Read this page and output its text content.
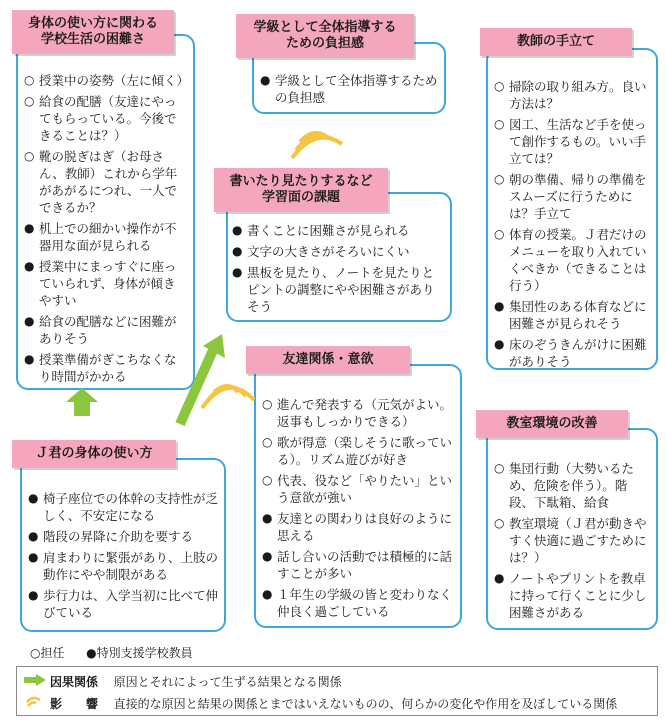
身体の使い方に関わる
学校生活の困難さ
○ 授業中の姿勢（左に傾く）
○ 給食の配膳（友達にやってもらっている。今後できることは？）
○ 靴の脱ぎはぎ（お母さん、教師）これから学年があがるにつれ、一人でできるか？
● 机上での細かい操作が不器用な面が見られる
● 授業中にまっすぐに座っていられず、身体が傾きやすい
● 給食の配膳などに困難がありそう
● 授業準備がぎこちなくなり時間がかかる
学級として全体指導する
ための負担感
● 学級として全体指導するための負担感
教師の手立て
○ 掃除の取り組み方。良い方法は？
○ 図工、生活など手を使って創作するもの。いい手立ては？
○ 朝の準備、帰りの準備をスムーズに行うためには？手立て
○ 体育の授業。Ｊ君だけのメニューを取り入れていくべきか（できることは行う）
● 集団性のある体育などに困難さが見られそう
● 床のぞうきんがけに困難がありそう
書いたり見たりするなど
学習面の課題
● 書くことに困難さが見られる
● 文字の大きさがそろいにくい
● 黒板を見たり、ノートを見たりとピントの調整にやや困難さがありそう
友達関係・意欲
○ 進んで発表する（元気がよい。返事もしっかりできる）
○ 歌が得意（楽しそうに歌っている）。リズム遊びが好き
○ 代表、役など「やりたい」という意欲が強い
● 友達との関わりは良好のように思える
● 話し合いの活動では積極的に話すことが多い
● １年生の学級の皆と変わりなく仲良く過ごしている
教室環境の改善
○ 集団行動（大勢いるため、危険を伴う）。階段、下駄箱、給食
○ 教室環境（Ｊ君が動きやすく快適に過ごすためには？）
● ノートやプリントを教卓に持って行くことに少し困難さがある
Ｊ君の身体の使い方
● 椅子座位での体幹の支持性が乏しく、不安定になる
● 階段の昇降に介助を要する
● 肩まわりに緊張があり、上肢の動作にやや制限がある
● 歩行力は、入学当初に比べて伸びている
○担任 ●特別支援学校教員
因果関係 原因とそれによって生ずる結果となる関係
影　　響 直接的な原因と結果の関係とまではいえないものの、何らかの変化や作用を及ぼしている関係
